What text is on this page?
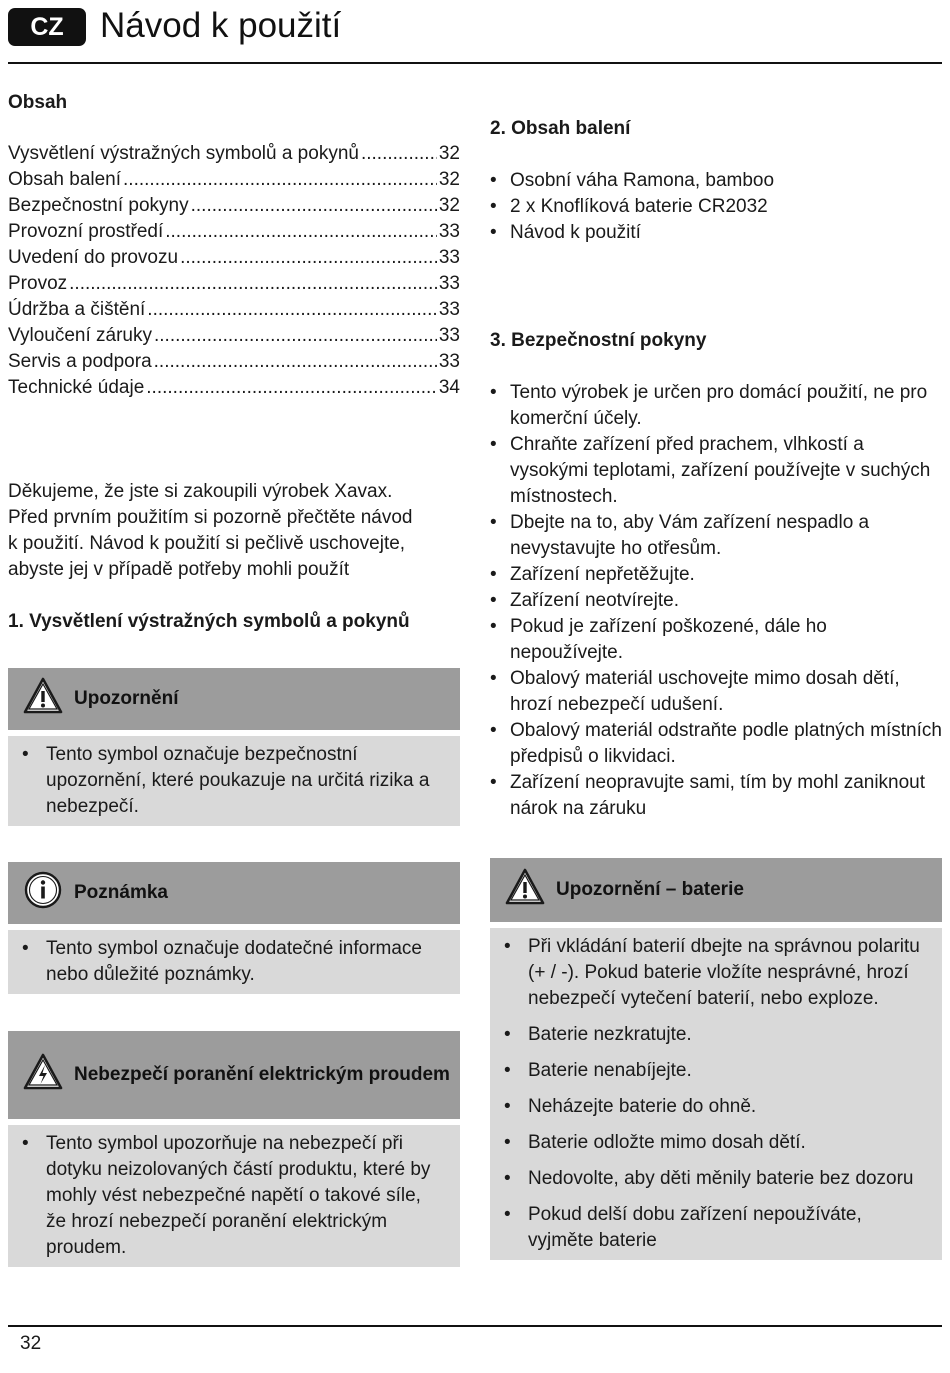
CZ	Návod k použití
Obsah
Vysvětlení výstražných symbolů a pokynů .....	32
Obsah balení .....	32
Bezpečnostní pokyny .....	32
Provozní prostředí .....	33
Uvedení do provozu .....	33
Provoz .....	33
Údržba a čištění .....	33
Vyloučení záruky .....	33
Servis a podpora .....	33
Technické údaje .....	34
Děkujeme, že jste si zakoupili výrobek Xavax.
Před prvním použitím si pozorně přečtěte návod
k použití. Návod k použití si pečlivě uschovejte,
abyste jej v případě potřeby mohli použít
1. Vysvětlení výstražných symbolů a pokynů
Upozornění
• Tento symbol označuje bezpečnostní upozornění, které poukazuje na určitá rizika a nebezpečí.
Poznámka
• Tento symbol označuje dodatečné informace nebo důležité poznámky.
Nebezpečí poranění elektrickým proudem
• Tento symbol upozorňuje na nebezpečí při dotyku neizolovaných částí produktu, které by mohly vést nebezpečné napětí o takové síle, že hrozí nebezpečí poranění elektrickým proudem.
2. Obsah balení
• Osobní váha Ramona, bamboo
• 2 x Knoflíková baterie CR2032
• Návod k použití
3. Bezpečnostní pokyny
• Tento výrobek je určen pro domácí použití, ne pro komerční účely.
• Chraňte zařízení před prachem, vlhkostí a vysokými teplotami, zařízení používejte v suchých místnostech.
• Dbejte na to, aby Vám zařízení nespadlo a nevystavujte ho otřesům.
• Zařízení nepřetěžujte.
• Zařízení neotvírejte.
• Pokud je zařízení poškozené, dále ho nepoužívejte.
• Obalový materiál uschovejte mimo dosah dětí, hrozí nebezpečí udušení.
• Obalový materiál odstraňte podle platných místních předpisů o likvidaci.
• Zařízení neopravujte sami, tím by mohl zaniknout nárok na záruku
Upozornění – baterie
• Při vkládání baterií dbejte na správnou polaritu (+ / -). Pokud baterie vložíte nesprávné, hrozí nebezpečí vytečení baterií, nebo exploze.
• Baterie nezkratujte.
• Baterie nenabíjejte.
• Neházejte baterie do ohně.
• Baterie odložte mimo dosah dětí.
• Nedovolte, aby děti měnily baterie bez dozoru
• Pokud delší dobu zařízení nepoužíváte, vyjměte baterie
32
